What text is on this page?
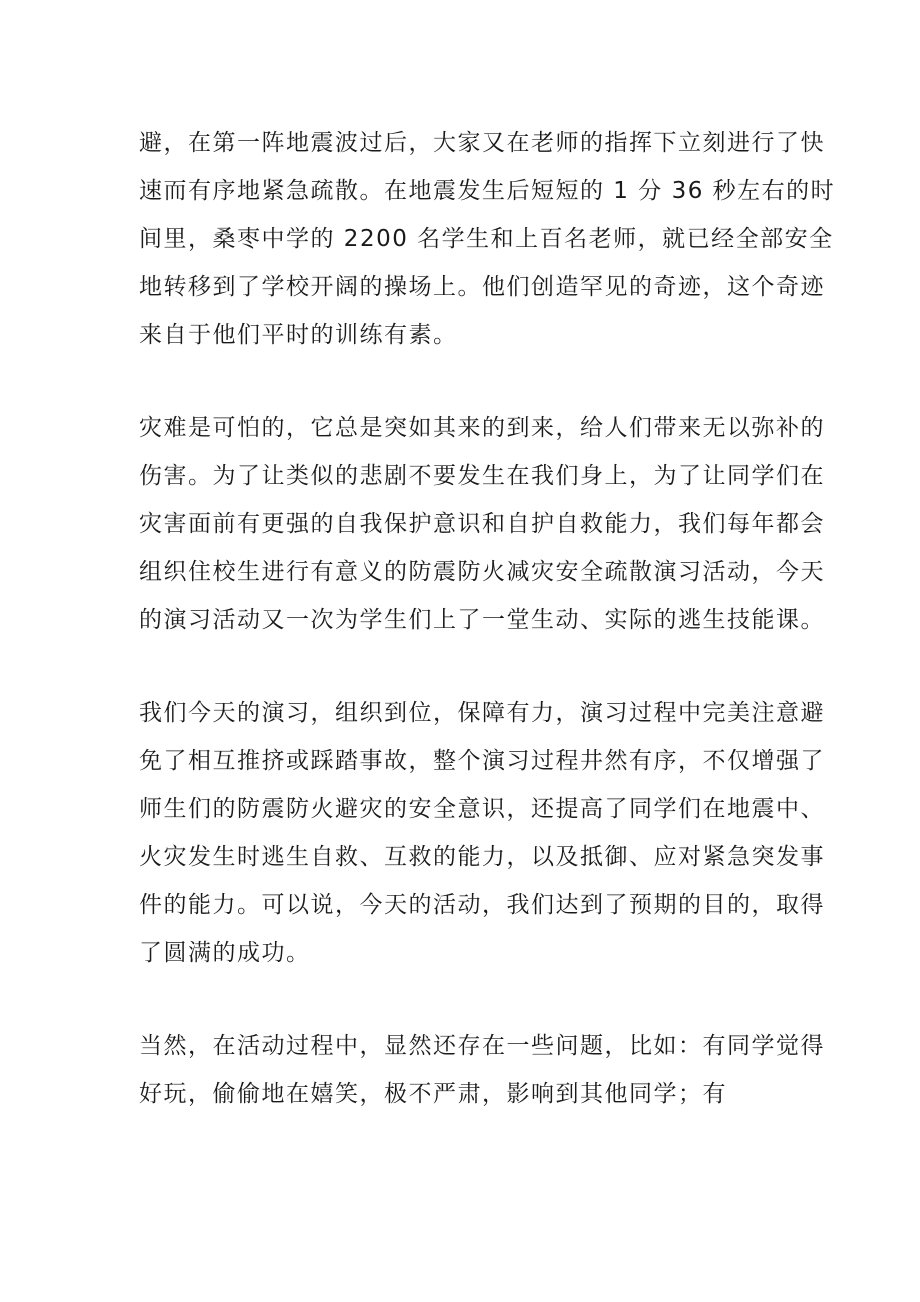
避，在第一阵地震波过后，大家又在老师的指挥下立刻进行了快
速而有序地紧急疏散。在地震发生后短短的 1 分 36 秒左右的时
间里，桑枣中学的 2200 名学生和上百名老师，就已经全部安全
地转移到了学校开阔的操场上。他们创造罕见的奇迹，这个奇迹
来自于他们平时的训练有素。
灾难是可怕的，它总是突如其来的到来，给人们带来无以弥补的
伤害。为了让类似的悲剧不要发生在我们身上，为了让同学们在
灾害面前有更强的自我保护意识和自护自救能力，我们每年都会
组织住校生进行有意义的防震防火减灾安全疏散演习活动，今天
的演习活动又一次为学生们上了一堂生动、实际的逃生技能课。
我们今天的演习，组织到位，保障有力，演习过程中完美注意避
免了相互推挤或踩踏事故，整个演习过程井然有序，不仅增强了
师生们的防震防火避灾的安全意识，还提高了同学们在地震中、
火灾发生时逃生自救、互救的能力，以及抵御、应对紧急突发事
件的能力。可以说，今天的活动，我们达到了预期的目的，取得
了圆满的成功。
当然，在活动过程中，显然还存在一些问题，比如：有同学觉得
好玩，偷偷地在嬉笑，极不严肃，影响到其他同学；有
